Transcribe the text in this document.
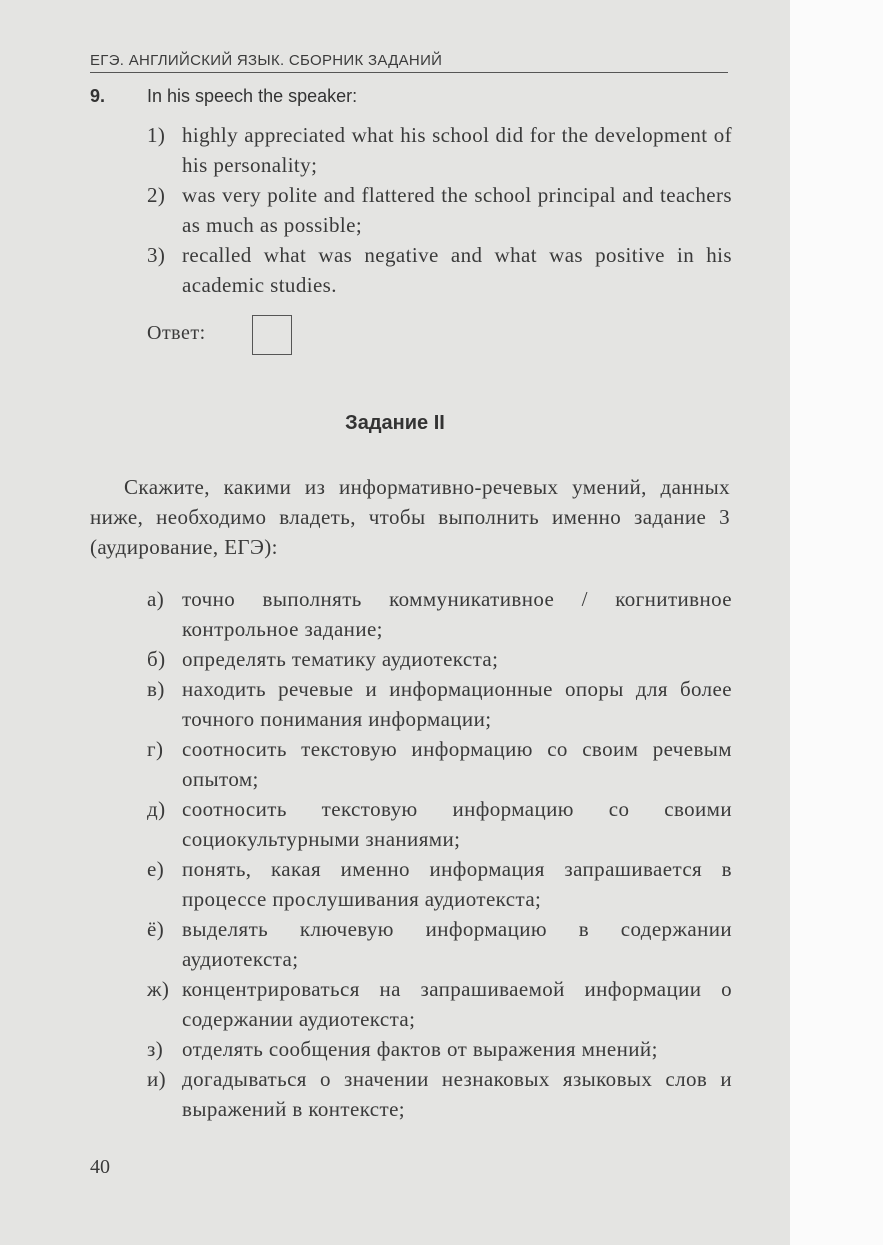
ЕГЭ. АНГЛИЙСКИЙ ЯЗЫК. СБОРНИК ЗАДАНИЙ
9. In his speech the speaker:
1) highly appreciated what his school did for the development of his personality;
2) was very polite and flattered the school principal and teachers as much as possible;
3) recalled what was negative and what was positive in his academic studies.
Ответ:
Задание II

Скажите, какими из информативно-речевых умений, данных ниже, необходимо владеть, чтобы выполнить именно задание 3 (аудирование, ЕГЭ):

а) точно выполнять коммуникативное / когнитивное контрольное задание;
б) определять тематику аудиотекста;
в) находить речевые и информационные опоры для более точного понимания информации;
г) соотносить текстовую информацию со своим речевым опытом;
д) соотносить текстовую информацию со своими социокультурными знаниями;
е) понять, какая именно информация запрашивается в процессе прослушивания аудиотекста;
ё) выделять ключевую информацию в содержании аудиотекста;
ж) концентрироваться на запрашиваемой информации о содержании аудиотекста;
з) отделять сообщения фактов от выражения мнений;
и) догадываться о значении незнаковых языковых слов и выражений в контексте;
40
